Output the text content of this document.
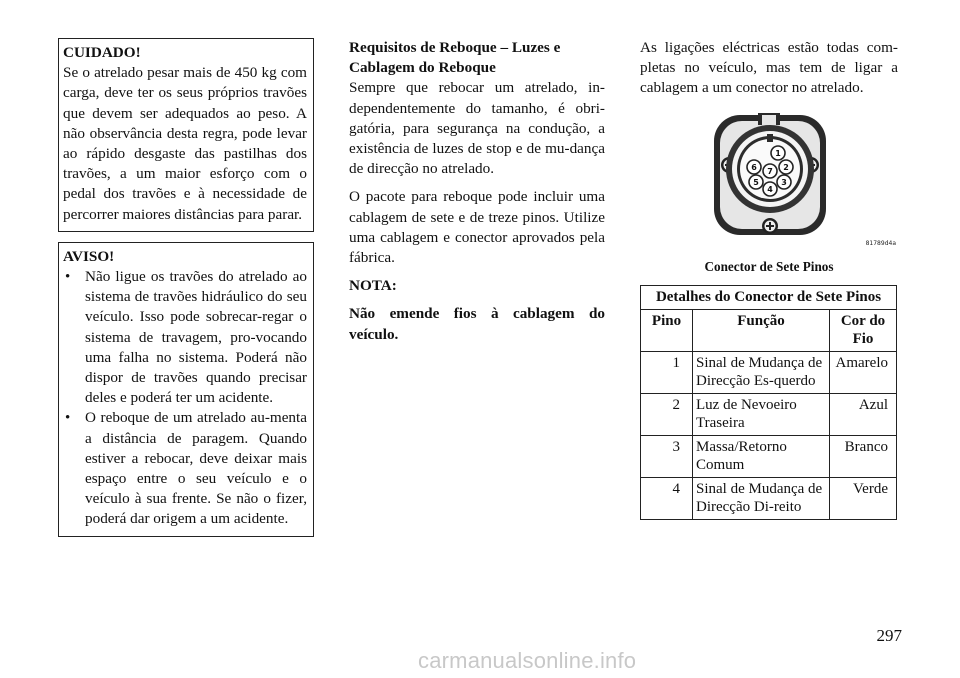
CUIDADO!

Se o atrelado pesar mais de 450 kg com carga, deve ter os seus próprios travões que devem ser adequados ao peso. A não observância desta regra, pode levar ao rápido desgaste das pastilhas dos travões, a um maior esforço com o pedal dos travões e à necessidade de percorrer maiores distâncias para parar.

AVISO!
• Não ligue os travões do atrelado ao sistema de travões hidráulico do seu veículo. Isso pode sobrecar-regar o sistema de travagem, pro-vocando uma falha no sistema. Poderá não dispor de travões quando precisar deles e poderá ter um acidente.
• O reboque de um atrelado au-menta a distância de paragem. Quando estiver a rebocar, deve deixar mais espaço entre o seu veículo e o veículo à sua frente. Se não o fizer, poderá dar origem a um acidente.
Requisitos de Reboque – Luzes e Cablagem do Reboque

Sempre que rebocar um atrelado, in-dependentemente do tamanho, é obri-gatória, para segurança na condução, a existência de luzes de stop e de mu-dança de direcção no atrelado.

O pacote para reboque pode incluir uma cablagem de sete e de treze pinos. Utilize uma cablagem e conector aprovados pela fábrica.

NOTA:

Não emende fios à cablagem do veículo.

As ligações eléctricas estão todas com-pletas no veículo, mas tem de ligar a cablagem a um conector no atrelado.

1
2
3
4
5
6 7
81789d4a
Conector de Sete Pinos
Detalhes do Conector de Sete Pinos		
Pino	Função	Cor do Fio
1	Sinal de Mudança de Direcção Es-querdo	Amarelo
2	Luz de Nevoeiro Traseira	Azul
3	Massa/Retorno Comum	Branco
4	Sinal de Mudança de Direcção Di-reito	Verde
297
carmanualsonline.info
